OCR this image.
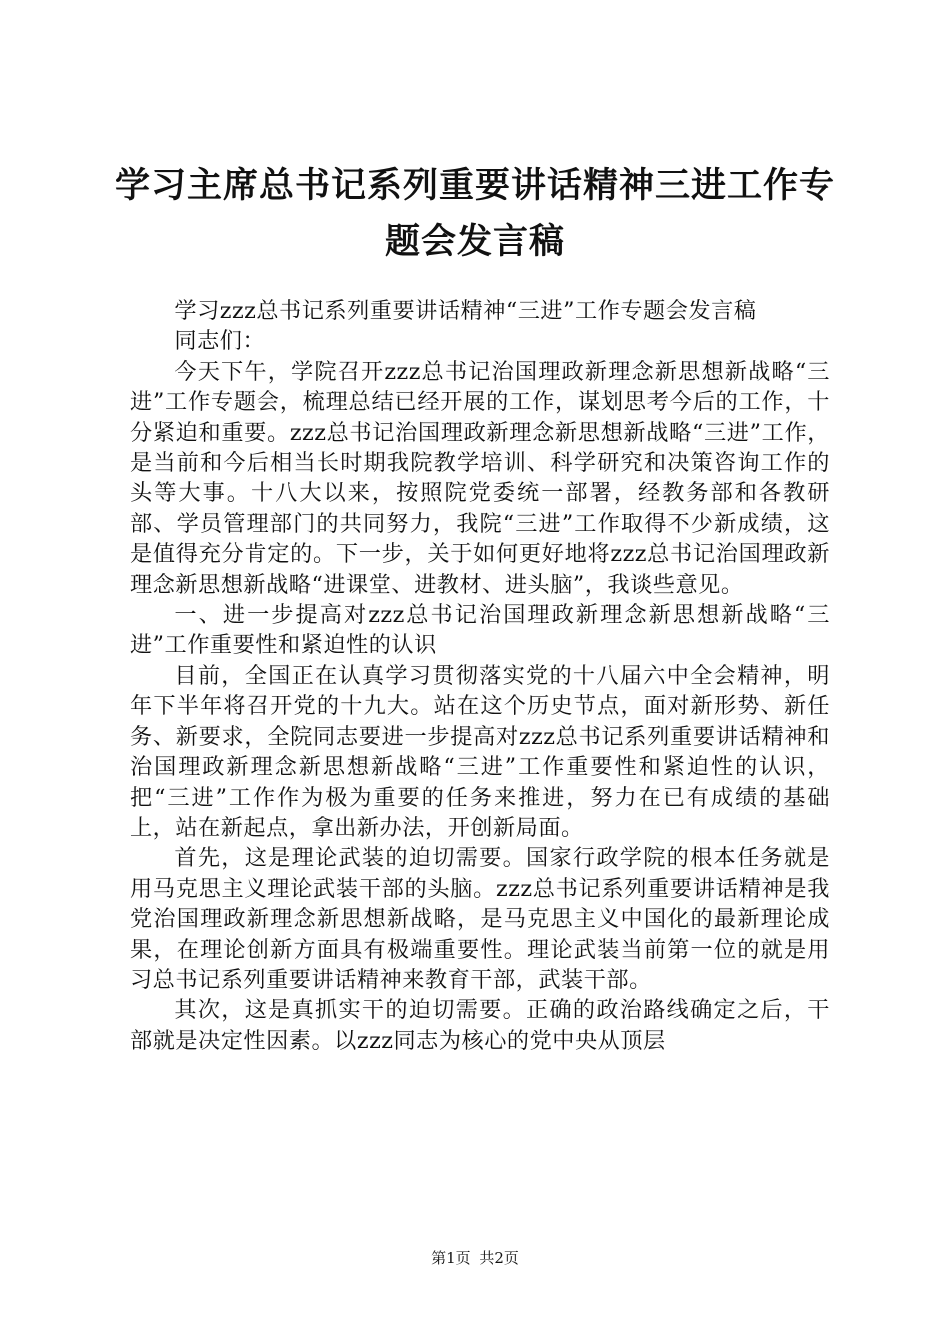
学习主席总书记系列重要讲话精神三进工作专
题会发言稿

学习zzz总书记系列重要讲话精神“三进”工作专题会发言稿

同志们：

今天下午，学院召开zzz总书记治国理政新理念新思想新战略“三进”工作专题会，梳理总结已经开展的工作，谋划思考今后的工作，十分紧迫和重要。zzz总书记治国理政新理念新思想新战略“三进”工作，是当前和今后相当长时期我院教学培训、科学研究和决策咨询工作的头等大事。十八大以来，按照院党委统一部署，经教务部和各教研部、学员管理部门的共同努力，我院“三进”工作取得不少新成绩，这是值得充分肯定的。下一步，关于如何更好地将zzz总书记治国理政新理念新思想新战略“进课堂、进教材、进头脑”，我谈些意见。

一、进一步提高对zzz总书记治国理政新理念新思想新战略“三进”工作重要性和紧迫性的认识

目前，全国正在认真学习贯彻落实党的十八届六中全会精神，明年下半年将召开党的十九大。站在这个历史节点，面对新形势、新任务、新要求，全院同志要进一步提高对zzz总书记系列重要讲话精神和治国理政新理念新思想新战略“三进”工作重要性和紧迫性的认识，把“三进”工作作为极为重要的任务来推进，努力在已有成绩的基础上，站在新起点，拿出新办法，开创新局面。

首先，这是理论武装的迫切需要。国家行政学院的根本任务就是用马克思主义理论武装干部的头脑。zzz总书记系列重要讲话精神是我党治国理政新理念新思想新战略，是马克思主义中国化的最新理论成果，在理论创新方面具有极端重要性。理论武装当前第一位的就是用习总书记系列重要讲话精神来教育干部，武装干部。

其次，这是真抓实干的迫切需要。正确的政治路线确定之后，干部就是决定性因素。以zzz同志为核心的党中央从顶层

第1页 共2页
